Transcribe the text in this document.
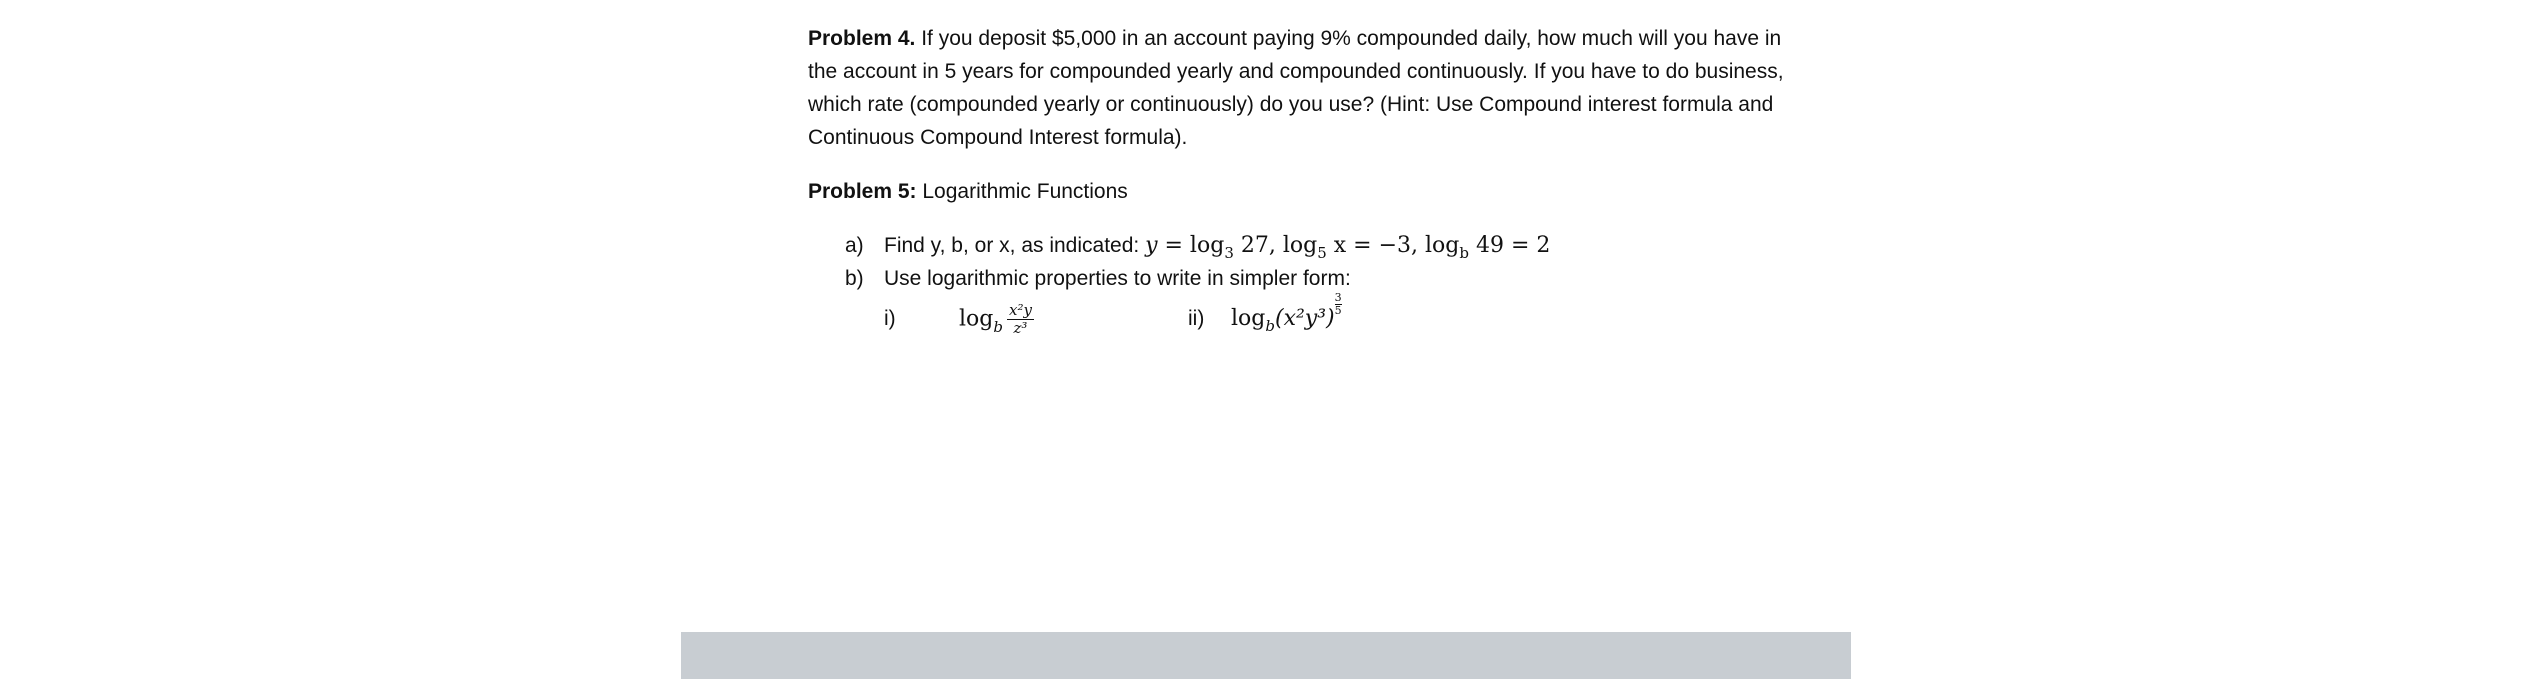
Problem 4. If you deposit $5,000 in an account paying 9% compounded daily, how much will you have in the account in 5 years for compounded yearly and compounded continuously. If you have to do business, which rate (compounded yearly or continuously) do you use? (Hint: Use Compound interest formula and Continuous Compound Interest formula).

Problem 5: Logarithmic Functions

a) Find y, b, or x, as indicated: $y = \log_3 27$, $\log_5 x = -3$, $\log_b 49 = 2$
b) Use logarithmic properties to write in simpler form:
i)	$\log_b \frac{\text{x²y}}{\text{z³}}$	ii) $\log_b(x^2y^3)$
$\frac{3}{5}$
